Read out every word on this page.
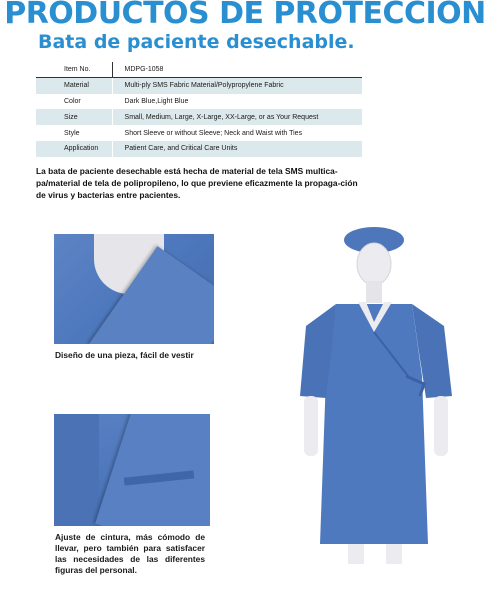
PRODUCTOS DE PROTECCION
Bata de paciente desechable.
Item No.	MDPG-1058
Material	Multi-ply SMS Fabric Material/Polypropylene Fabric
Color	Dark Blue,Light Blue
Size	Small, Medium, Large, X-Large, XX-Large, or as Your Request
Style	Short Sleeve or without Sleeve; Neck and Waist with Ties
Application	Patient Care, and Critical Care Units

La bata de paciente desechable está hecha de material de tela SMS multica-pa/material de tela de polipropileno, lo que previene eficazmente la propaga-ción de virus y bacterias entre pacientes.

Diseño de una pieza, fácil de vestir

Ajuste de cintura, más cómodo de llevar, pero también para satisfacer las necesidades de las diferentes figuras del personal.
